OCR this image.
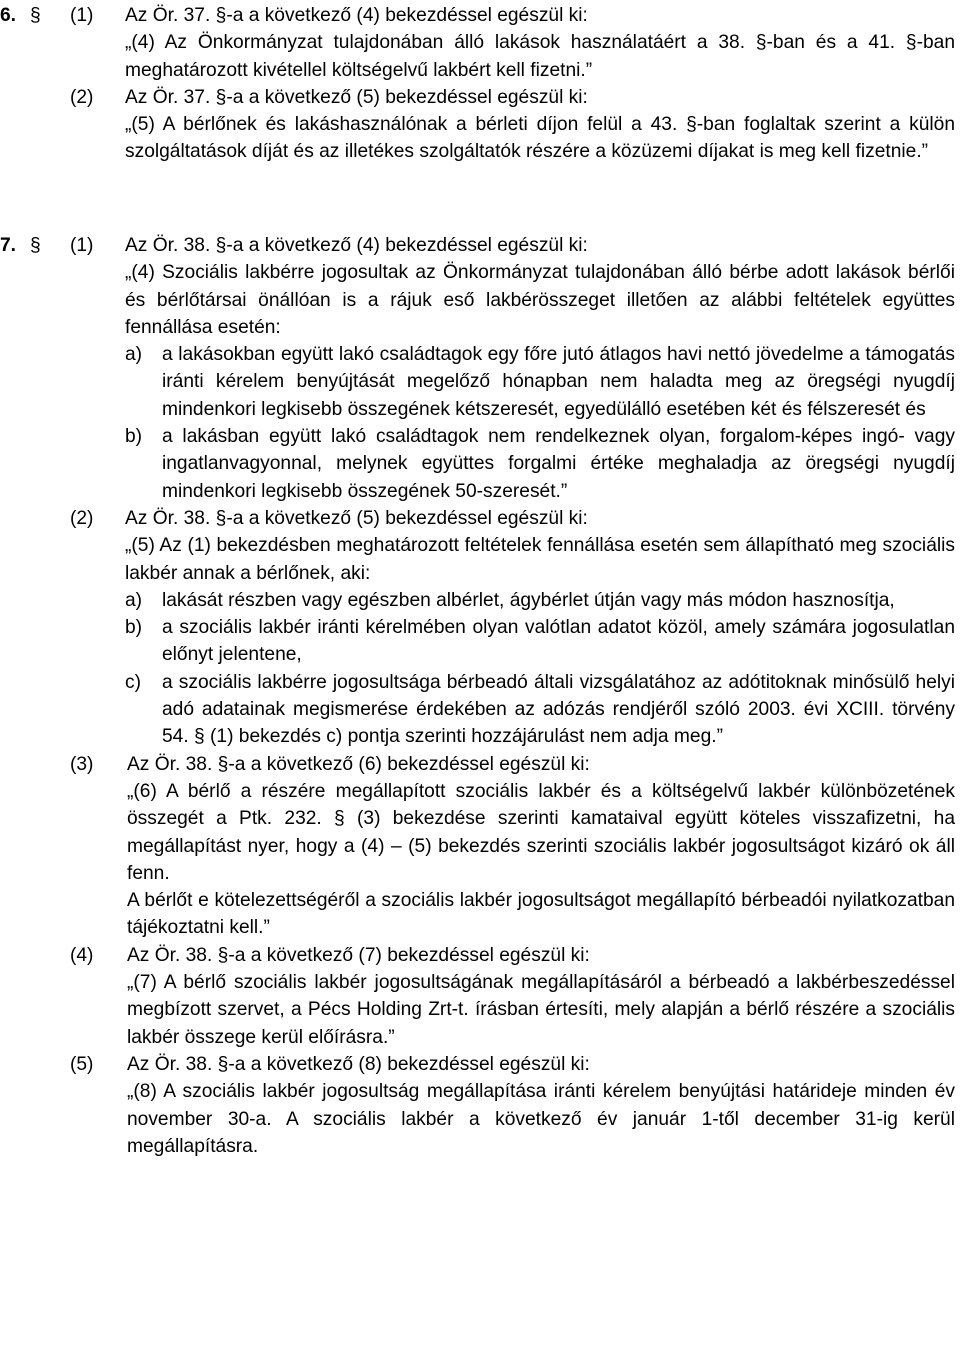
6. § (1) Az Ör. 37. §-a a következő (4) bekezdéssel egészül ki:

„(4) Az Önkormányzat tulajdonában álló lakások használatáért a 38. §-ban és a 41. §-ban meghatározott kivétellel költségelvű lakbért kell fizetni.”

(2) Az Ör. 37. §-a a következő (5) bekezdéssel egészül ki:

„(5) A bérlőnek és lakáshasználónak a bérleti díjon felül a 43. §-ban foglaltak szerint a külön szolgáltatások díját és az illetékes szolgáltatók részére a közüzemi díjakat is meg kell fizetnie.”

7. § (1) Az Ör. 38. §-a a következő (4) bekezdéssel egészül ki:

„(4) Szociális lakbérre jogosultak az Önkormányzat tulajdonában álló bérbe adott lakások bérlői és bérlőtársai önállóan is a rájuk eső lakbérösszeget illetően az alábbi feltételek együttes fennállása esetén:

a) a lakásokban együtt lakó családtagok egy főre jutó átlagos havi nettó jövedelme a támogatás iránti kérelem benyújtását megelőző hónapban nem haladta meg az öregségi nyugdíj mindenkori legkisebb összegének kétszeresét, egyedülálló esetében két és félszeresét és

b) a lakásban együtt lakó családtagok nem rendelkeznek olyan, forgalom-képes ingó- vagy ingatlanvagyonnal, melynek együttes forgalmi értéke meghaladja az öregségi nyugdíj mindenkori legkisebb összegének 50-szeresét.”

(2) Az Ör. 38. §-a a következő (5) bekezdéssel egészül ki:

„(5) Az (1) bekezdésben meghatározott feltételek fennállása esetén sem állapítható meg szociális lakbér annak a bérlőnek, aki:

a) lakását részben vagy egészben albérlet, ágybérlet útján vagy más módon hasznosítja,

b) a szociális lakbér iránti kérelmében olyan valótlan adatot közöl, amely számára jogosulatlan előnyt jelentene,

c) a szociális lakbérre jogosultsága bérbeadó általi vizsgálatához az adótitoknak minősülő helyi adó adatainak megismerése érdekében az adózás rendjéről szóló 2003. évi XCIII. törvény 54. § (1) bekezdés c) pontja szerinti hozzájárulást nem adja meg.”

(3) Az Ör. 38. §-a a következő (6) bekezdéssel egészül ki:

„(6) A bérlő a részére megállapított szociális lakbér és a költségelvű lakbér különbözetének összegét a Ptk. 232. § (3) bekezdése szerinti kamataival együtt köteles visszafizetni, ha megállapítást nyer, hogy a (4) – (5) bekezdés szerinti szociális lakbér jogosultságot kizáró ok áll fenn.

A bérlőt e kötelezettségéről a szociális lakbér jogosultságot megállapító bérbeadói nyilatkozatban tájékoztatni kell.”

(4) Az Ör. 38. §-a a következő (7) bekezdéssel egészül ki:

„(7) A bérlő szociális lakbér jogosultságának megállapításáról a bérbeadó a lakbérbeszedéssel megbízott szervet, a Pécs Holding Zrt-t. írásban értesíti, mely alapján a bérlő részére a szociális lakbér összege kerül előírásra.”

(5) Az Ör. 38. §-a a következő (8) bekezdéssel egészül ki:

„(8) A szociális lakbér jogosultság megállapítása iránti kérelem benyújtási határideje minden év november 30-a. A szociális lakbér a következő év január 1-től december 31-ig kerül megállapításra.
